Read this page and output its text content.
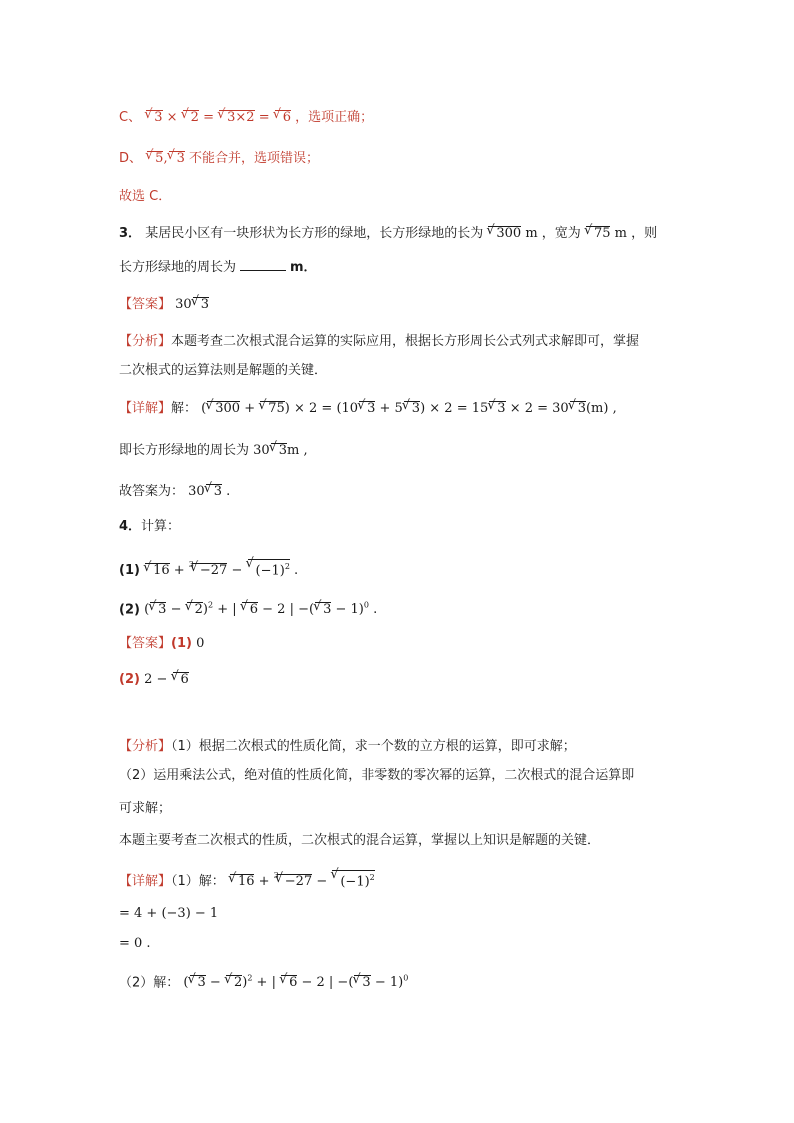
C、 √ 3 × √ 2 = √ 3×2 = √ 6 ，选项正确；
D、 √ 5, √ 3 不能合并，选项错误；
故选 C．
3． 某居民小区有一块形状为长方形的绿地，长方形绿地的长为 √ 300 m ，宽为 √ 75 m ，则
长方形绿地的周长为	m．
【答案】 30 √ 3
【分析】本题考查二次根式混合运算的实际应用，根据长方形周长公式列式求解即可，掌握
二次根式的运算法则是解题的关键．
【详解】解： ( √ 300 + √ 75) × 2 = (10 √ 3 + 5 √ 3) × 2 = 15 √ 3 × 2 = 30 √ 3(m) ,
即长方形绿地的周长为 30 √ 3m ,
故答案为： 30 √ 3 .
4．计算：
(1) √ 16 + $^3$ √ −27 − √ $(-1)^2$ .
(2) ( √ 3 − √ 2)$^2$ + | √ 6 − 2 | −( √ 3 − 1)$^0$ .
【答案】(1) 0
(2) 2 − √ 6
【分析】（1）根据二次根式的性质化简，求一个数的立方根的运算，即可求解；
（2）运用乘法公式，绝对值的性质化简，非零数的零次幂的运算，二次根式的混合运算即
可求解；
本题主要考查二次根式的性质，二次根式的混合运算，掌握以上知识是解题的关键．
【详解】（1）解： √ 16 + $^3$ √ −27 − √ $(-1)^2$
= 4 + (−3) − 1
= 0 .
（2）解： ( √ 3 − √ 2)$^2$ + | √ 6 − 2 | −( √ 3 − 1)$^0$
